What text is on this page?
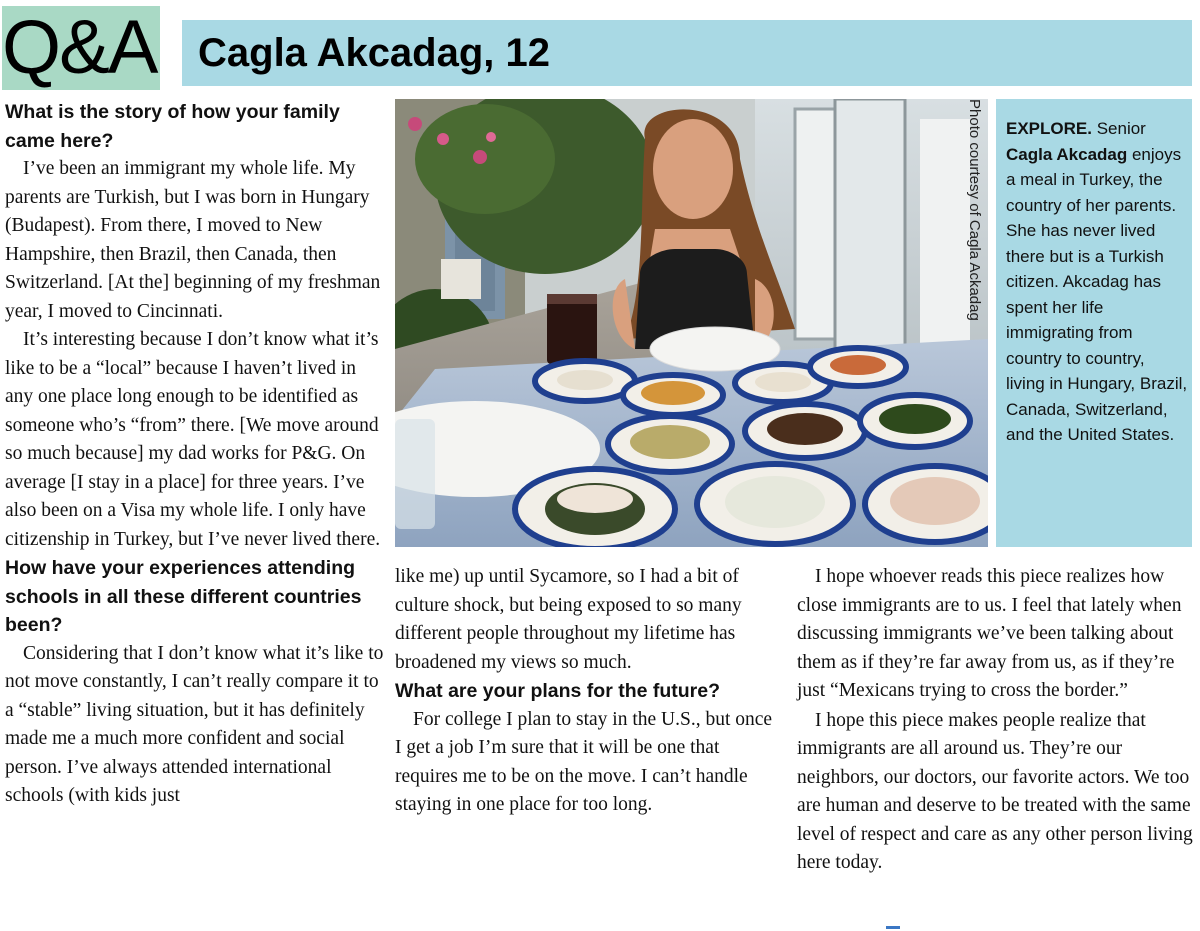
Q&A Cagla Akcadag, 12
What is the story of how your family came here?

I’ve been an immigrant my whole life. My parents are Turkish, but I was born in Hungary (Budapest). From there, I moved to New Hampshire, then Brazil, then Canada, then Switzerland. [At the] beginning of my freshman year, I moved to Cincinnati.

It’s interesting because I don’t know what it’s like to be a “local” because I haven’t lived in any one place long enough to be identified as someone who’s “from” there. [We move around so much because] my dad works for P&G. On average [I stay in a place] for three years. I’ve also been on a Visa my whole life. I only have citizenship in Turkey, but I’ve never lived there.

How have your experiences attending schools in all these different countries been?

Considering that I don’t know what it’s like to not move constantly, I can’t really compare it to a “stable” living situation, but it has definitely made me a much more confident and social person. I’ve always attended international schools (with kids just

Photo courtesy of Cagla Ackadag EXPLORE. Senior Cagla Akcadag enjoys a meal in Turkey, the country of her parents. She has never lived there but is a Turkish citizen. Akcadag has spent her life immigrating from country to country, living in Hungary, Brazil, Canada, Switzerland, and the United States.

like me) up until Sycamore, so I had a bit of culture shock, but being exposed to so many different people throughout my lifetime has broadened my views so much.

What are your plans for the future?

For college I plan to stay in the U.S., but once I get a job I’m sure that it will be one that requires me to be on the move. I can’t handle staying in one place for too long.

I hope whoever reads this piece realizes how close immigrants are to us. I feel that lately when discussing immigrants we’ve been talking about them as if they’re far away from us, as if they’re just “Mexicans trying to cross the border.”

I hope this piece makes people realize that immigrants are all around us. They’re our neighbors, our doctors, our favorite actors. We too are human and deserve to be treated with the same level of respect and care as any other person living here today.
